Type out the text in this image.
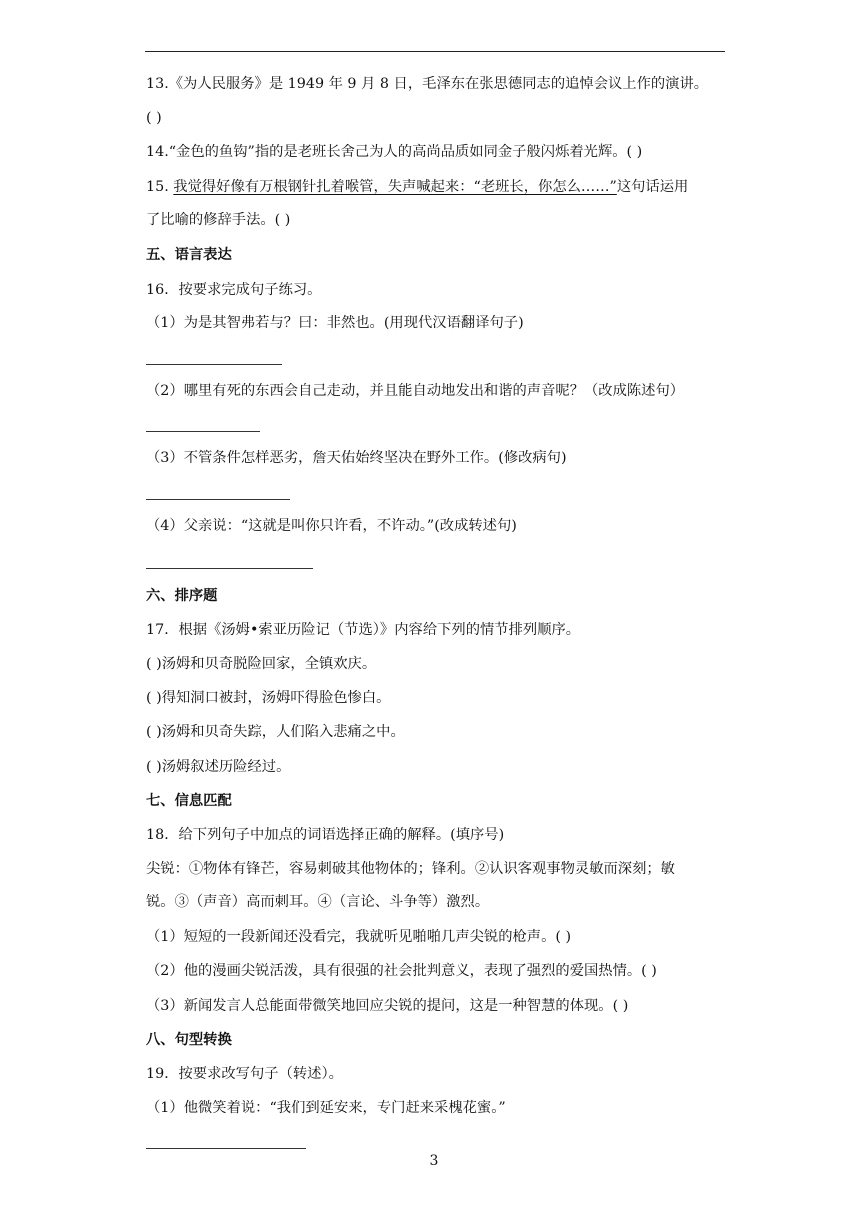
13.《为人民服务》是 1949 年 9 月 8 日，毛泽东在张思德同志的追悼会议上作的演讲。
( )
14.“金色的鱼钩”指的是老班长舍己为人的高尚品质如同金子般闪烁着光辉。( )
15. 我觉得好像有万根钢针扎着喉管，失声喊起来：“老班长，你怎么……”这句话运用
了比喻的修辞手法。( )
五、语言表达
16．按要求完成句子练习。
（1）为是其智弗若与？曰：非然也。(用现代汉语翻译句子)
（2）哪里有死的东西会自己走动，并且能自动地发出和谐的声音呢？（改成陈述句）
（3）不管条件怎样恶劣，詹天佑始终坚决在野外工作。(修改病句)
（4）父亲说：“这就是叫你只许看，不许动。”(改成转述句)
六、排序题
17．根据《汤姆•索亚历险记（节选）》内容给下列的情节排列顺序。
( )汤姆和贝奇脱险回家，全镇欢庆。
( )得知洞口被封，汤姆吓得脸色惨白。
( )汤姆和贝奇失踪，人们陷入悲痛之中。
( )汤姆叙述历险经过。
七、信息匹配
18．给下列句子中加点的词语选择正确的解释。(填序号)
尖锐：①物体有锋芒，容易刺破其他物体的；锋利。②认识客观事物灵敏而深刻；敏
锐。③（声音）高而刺耳。④（言论、斗争等）激烈。
（1）短短的一段新闻还没看完，我就听见啪啪几声尖锐的枪声。( )
（2）他的漫画尖锐活泼，具有很强的社会批判意义，表现了强烈的爱国热情。( )
（3）新闻发言人总能面带微笑地回应尖锐的提问，这是一种智慧的体现。( )
八、句型转换
19．按要求改写句子（转述）。
（1）他微笑着说：“我们到延安来，专门赶来采槐花蜜。”
3
